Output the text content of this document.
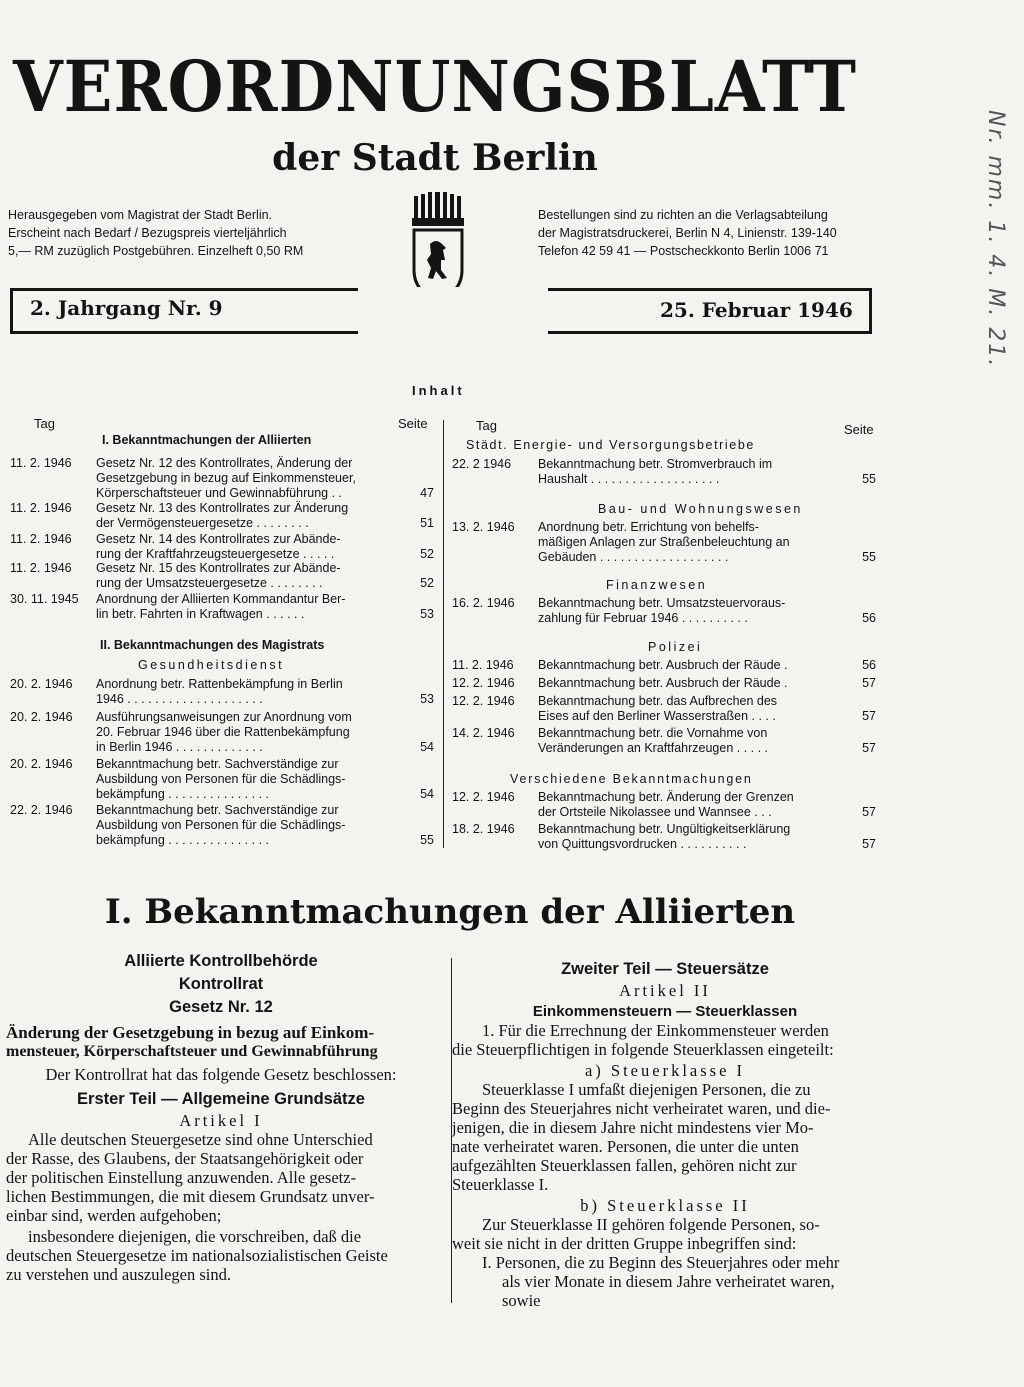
VERORDNUNGSBLATT
der Stadt Berlin
Herausgegeben vom Magistrat der Stadt Berlin.
Erscheint nach Bedarf / Bezugspreis vierteljährlich
5,— RM zuzüglich Postgebühren. Einzelheft 0,50 RM
Bestellungen sind zu richten an die Verlagsabteilung
der Magistratsdruckerei, Berlin N 4, Linienstr. 139-140
Telefon 42 59 41 — Postscheckkonto Berlin 1006 71
2. Jahrgang Nr. 9	25. Februar 1946	Nr. mm. 1. 4. M. 21.
Inhalt
Tag	Seite
I. Bekanntmachungen der Alliierten
11. 2. 1946 Gesetz Nr. 12 des Kontrollrates, Änderung der
Gesetzgebung in bezug auf Einkommensteuer,
Körperschaftsteuer und Gewinnabführung . .	47
11. 2. 1946 Gesetz Nr. 13 des Kontrollrates zur Änderung
der Vermögensteuergesetze . . . . . . . .	51
11. 2. 1946 Gesetz Nr. 14 des Kontrollrates zur Abände-
rung der Kraftfahrzeugsteuergesetze . . . . .	52
11. 2. 1946 Gesetz Nr. 15 des Kontrollrates zur Abände-
rung der Umsatzsteuergesetze . . . . . . . .	52
30. 11. 1945 Anordnung der Alliierten Kommandantur Ber-
lin betr. Fahrten in Kraftwagen . . . . . .	53
II. Bekanntmachungen des Magistrats
Gesundheitsdienst
20. 2. 1946 Anordnung betr. Rattenbekämpfung in Berlin
1946 . . . . . . . . . . . . . . . . . . . .	53
20. 2. 1946 Ausführungsanweisungen zur Anordnung vom
20. Februar 1946 über die Rattenbekämpfung
in Berlin 1946 . . . . . . . . . . . . .	54
20. 2. 1946 Bekanntmachung betr. Sachverständige zur
Ausbildung von Personen für die Schädlings-
bekämpfung . . . . . . . . . . . . . . .	54
22. 2. 1946 Bekanntmachung betr. Sachverständige zur
Ausbildung von Personen für die Schädlings-
bekämpfung . . . . . . . . . . . . . . .	55
Tag	Seite
Städt. Energie- und Versorgungsbetriebe
22. 2 1946 Bekanntmachung betr. Stromverbrauch im
Haushalt . . . . . . . . . . . . . . . . . . .	55
Bau- und Wohnungswesen
13. 2. 1946 Anordnung betr. Errichtung von behelfs-
mäßigen Anlagen zur Straßenbeleuchtung an
Gebäuden . . . . . . . . . . . . . . . . . . .	55
Finanzwesen
16. 2. 1946 Bekanntmachung betr. Umsatzsteuervoraus-
zahlung für Februar 1946 . . . . . . . . . .	56
Polizei
11. 2. 1946 Bekanntmachung betr. Ausbruch der Räude .	56
12. 2. 1946 Bekanntmachung betr. Ausbruch der Räude .	57
12. 2. 1946 Bekanntmachung betr. das Aufbrechen des
Eises auf den Berliner Wasserstraßen . . . .	57
14. 2. 1946 Bekanntmachung betr. die Vornahme von
Veränderungen an Kraftfahrzeugen . . . . .	57
Verschiedene Bekanntmachungen
12. 2. 1946 Bekanntmachung betr. Änderung der Grenzen
der Ortsteile Nikolassee und Wannsee . . .	57
18. 2. 1946 Bekanntmachung betr. Ungültigkeitserklärung
von Quittungsvordrucken . . . . . . . . . .	57
I. Bekanntmachungen der Alliierten
Alliierte Kontrollbehörde
Kontrollrat
Gesetz Nr. 12
Änderung der Gesetzgebung in bezug auf Einkom-
mensteuer, Körperschaftsteuer und Gewinnabführung
Der Kontrollrat hat das folgende Gesetz beschlossen:
Erster Teil — Allgemeine Grundsätze
Artikel I
Alle deutschen Steuergesetze sind ohne Unterschied
der Rasse, des Glaubens, der Staatsangehörigkeit oder
der politischen Einstellung anzuwenden. Alle gesetz-
lichen Bestimmungen, die mit diesem Grundsatz unver-
einbar sind, werden aufgehoben;
insbesondere diejenigen, die vorschreiben, daß die
deutschen Steuergesetze im nationalsozialistischen Geiste
zu verstehen und auszulegen sind.
Zweiter Teil — Steuersätze
Artikel II
Einkommensteuern — Steuerklassen
1. Für die Errechnung der Einkommensteuer werden
die Steuerpflichtigen in folgende Steuerklassen eingeteilt:
a) Steuerklasse I
Steuerklasse I umfaßt diejenigen Personen, die zu
Beginn des Steuerjahres nicht verheiratet waren, und die-
jenigen, die in diesem Jahre nicht mindestens vier Mo-
nate verheiratet waren. Personen, die unter die unten
aufgezählten Steuerklassen fallen, gehören nicht zur
Steuerklasse I.
b) Steuerklasse II
Zur Steuerklasse II gehören folgende Personen, so-
weit sie nicht in der dritten Gruppe inbegriffen sind:
I. Personen, die zu Beginn des Steuerjahres oder mehr
als vier Monate in diesem Jahre verheiratet waren,
sowie
